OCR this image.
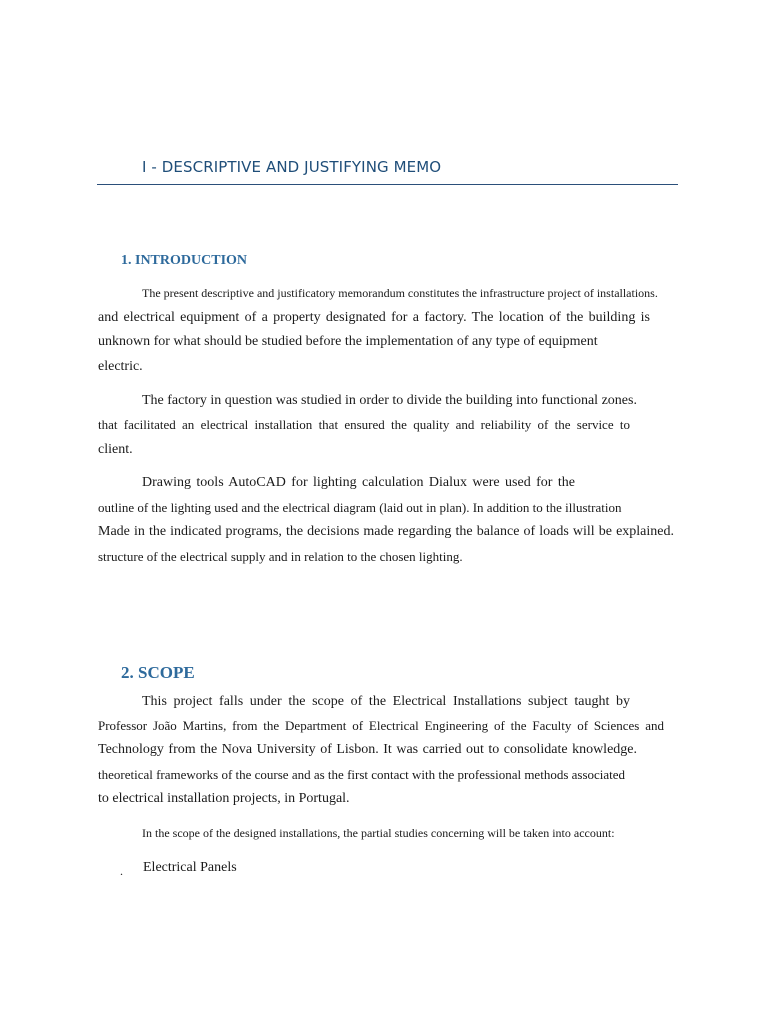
I - DESCRIPTIVE AND JUSTIFYING MEMO
1. INTRODUCTION

The present descriptive and justificatory memorandum constitutes the infrastructure project of installations.

and electrical equipment of a property designated for a factory. The location of the building is

unknown for what should be studied before the implementation of any type of equipment

electric.

The factory in question was studied in order to divide the building into functional zones.

that facilitated an electrical installation that ensured the quality and reliability of the service to

client.

Drawing tools AutoCAD for lighting calculation Dialux were used for the

outline of the lighting used and the electrical diagram (laid out in plan). In addition to the illustration

Made in the indicated programs, the decisions made regarding the balance of loads will be explained.

structure of the electrical supply and in relation to the chosen lighting.

2. SCOPE

This project falls under the scope of the Electrical Installations subject taught by

Professor João Martins, from the Department of Electrical Engineering of the Faculty of Sciences and

Technology from the Nova University of Lisbon. It was carried out to consolidate knowledge.

theoretical frameworks of the course and as the first contact with the professional methods associated

to electrical installation projects, in Portugal.

In the scope of the designed installations, the partial studies concerning will be taken into account:

. Electrical Panels
